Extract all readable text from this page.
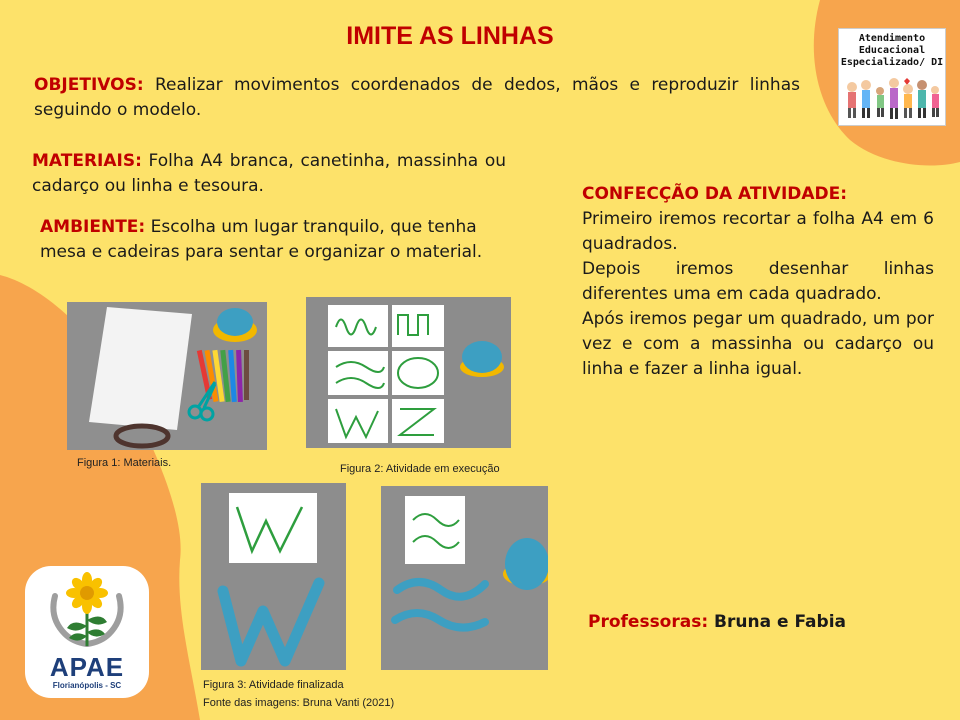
IMITE AS LINHAS
OBJETIVOS: Realizar movimentos coordenados de dedos, mãos e reproduzir linhas seguindo o modelo.
Atendimento
Educacional
Especializado/ DI
MATERIAIS: Folha A4 branca, canetinha, massinha ou cadarço ou linha e tesoura.
AMBIENTE: Escolha um lugar tranquilo, que tenha mesa e cadeiras para sentar e organizar o material.
CONFECÇÃO DA ATIVIDADE:
Primeiro iremos recortar a folha A4 em 6 quadrados.
Depois iremos desenhar linhas diferentes uma em cada quadrado.
Após iremos pegar um quadrado, um por vez e com a massinha ou cadarço ou linha e fazer a linha igual.
Figura 1: Materiais.	Figura 2: Atividade em execução
Figura 3: Atividade finalizada
Fonte das imagens: Bruna Vanti (2021)
Professoras: Bruna e Fabia
APAE
Florianópolis - SC
